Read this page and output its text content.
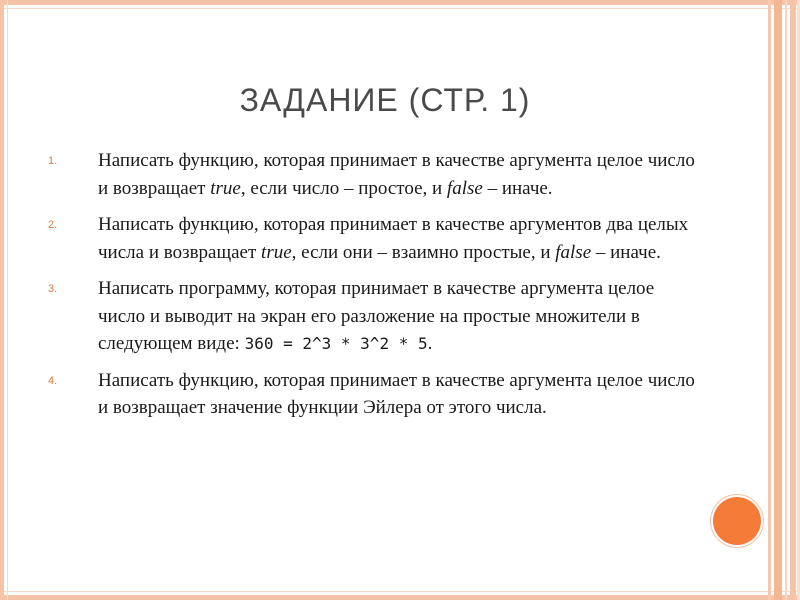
ЗАДАНИЕ (СТР. 1)
1. Написать функцию, которая принимает в качестве аргумента целое число и возвращает true, если число – простое, и false – иначе.
2. Написать функцию, которая принимает в качестве аргументов два целых числа и возвращает true, если они – взаимно простые, и false – иначе.
3. Написать программу, которая принимает в качестве аргумента целое число и выводит на экран его разложение на простые множители в следующем виде: 360 = 2^3 * 3^2 * 5.
4. Написать функцию, которая принимает в качестве аргумента целое число и возвращает значение функции Эйлера от этого числа.
